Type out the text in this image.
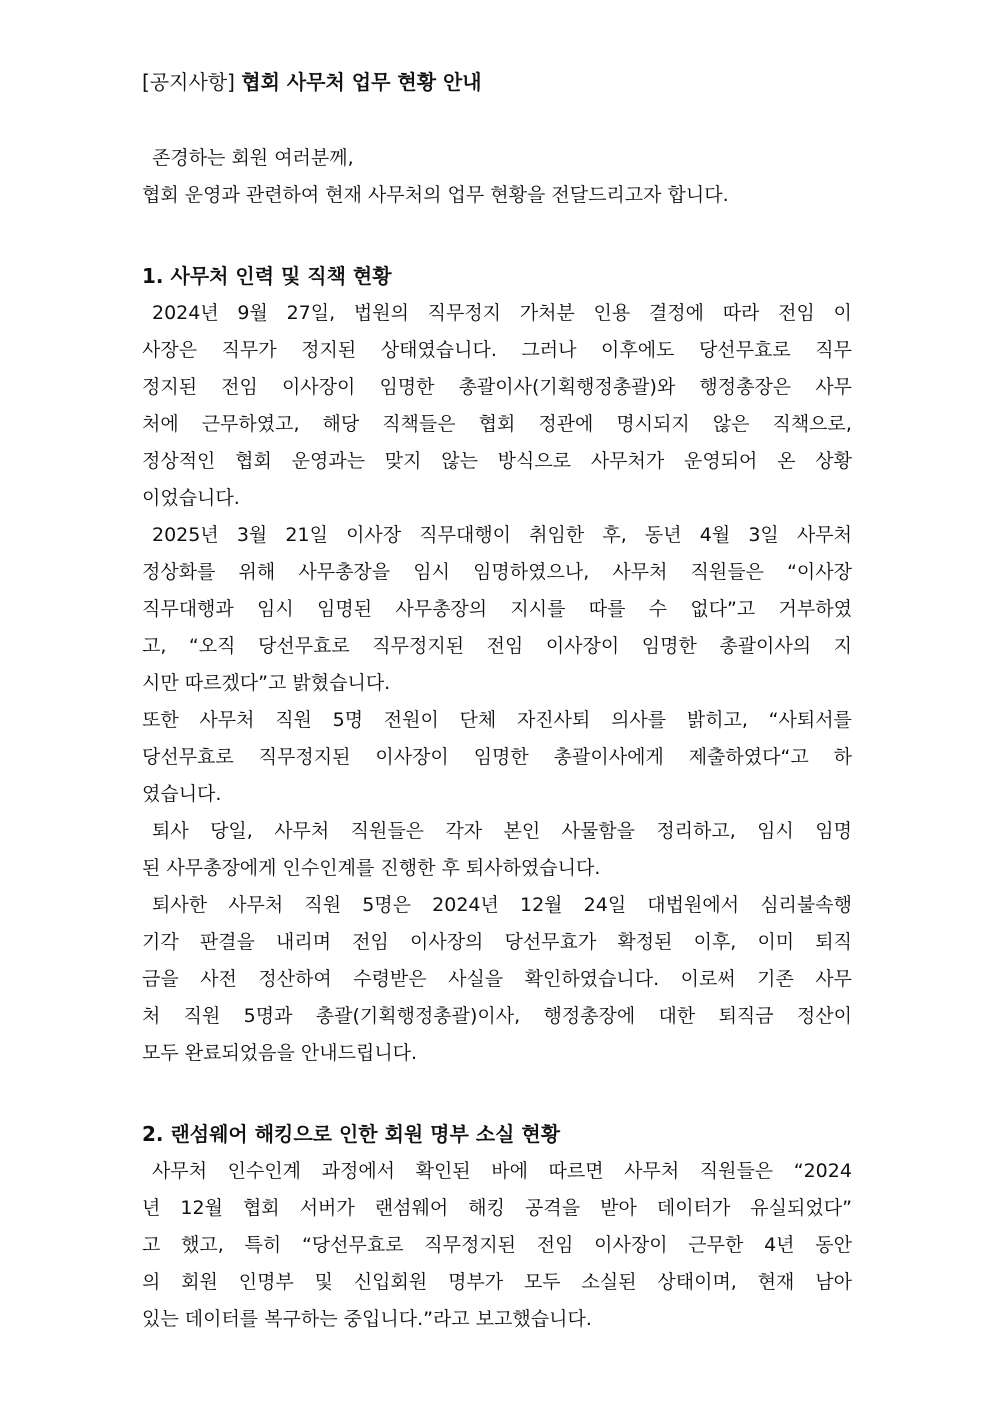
[공지사항] 협회 사무처 업무 현황 안내
존경하는 회원 여러분께,
협회 운영과 관련하여 현재 사무처의 업무 현황을 전달드리고자 합니다.
1. 사무처 인력 및 직책 현황
2024년 9월 27일, 법원의 직무정지 가처분 인용 결정에 따라 전임 이
사장은 직무가 정지된 상태였습니다. 그러나 이후에도 당선무효로 직무
정지된 전임 이사장이 임명한 총괄이사(기획행정총괄)와 행정총장은 사무
처에 근무하였고, 해당 직책들은 협회 정관에 명시되지 않은 직책으로,
정상적인 협회 운영과는 맞지 않는 방식으로 사무처가 운영되어 온 상황
이었습니다.
2025년 3월 21일 이사장 직무대행이 취임한 후, 동년 4월 3일 사무처
정상화를 위해 사무총장을 임시 임명하였으나, 사무처 직원들은 “이사장
직무대행과 임시 임명된 사무총장의 지시를 따를 수 없다”고 거부하였
고, “오직 당선무효로 직무정지된 전임 이사장이 임명한 총괄이사의 지
시만 따르겠다”고 밝혔습니다.
또한 사무처 직원 5명 전원이 단체 자진사퇴 의사를 밝히고, “사퇴서를
당선무효로 직무정지된 이사장이 임명한 총괄이사에게 제출하였다“고 하
였습니다.
퇴사 당일, 사무처 직원들은 각자 본인 사물함을 정리하고, 임시 임명
된 사무총장에게 인수인계를 진행한 후 퇴사하였습니다.
퇴사한 사무처 직원 5명은 2024년 12월 24일 대법원에서 심리불속행
기각 판결을 내리며 전임 이사장의 당선무효가 확정된 이후, 이미 퇴직
금을 사전 정산하여 수령받은 사실을 확인하였습니다. 이로써 기존 사무
처 직원 5명과 총괄(기획행정총괄)이사, 행정총장에 대한 퇴직금 정산이
모두 완료되었음을 안내드립니다.
2. 랜섬웨어 해킹으로 인한 회원 명부 소실 현황
사무처 인수인계 과정에서 확인된 바에 따르면 사무처 직원들은 “2024
년 12월 협회 서버가 랜섬웨어 해킹 공격을 받아 데이터가 유실되었다”
고 했고, 특히 “당선무효로 직무정지된 전임 이사장이 근무한 4년 동안
의 회원 인명부 및 신입회원 명부가 모두 소실된 상태이며, 현재 남아
있는 데이터를 복구하는 중입니다.”라고 보고했습니다.
